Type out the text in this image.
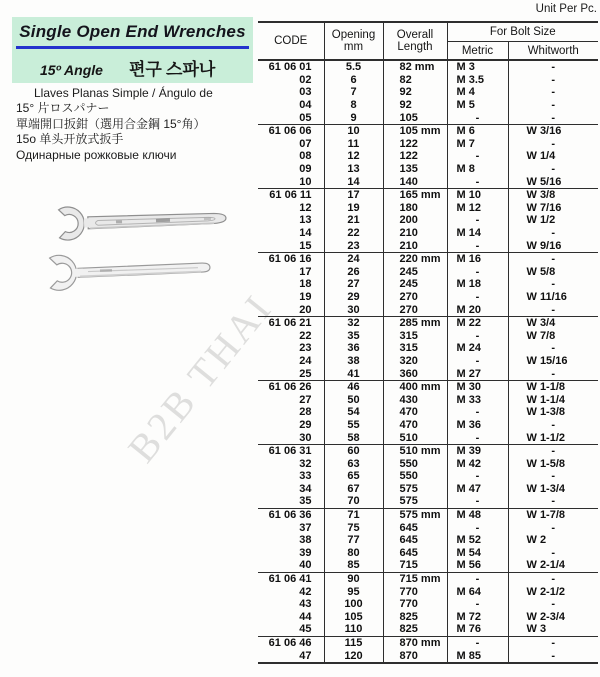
Single Open End Wrenches
15º Angle 편구 스파나
Llaves Planas Simple / Ángulo de
15° 片ロスパナー
單端開口扳鉗（選用合金鋼 15°角）
15o 单头开放式扳手
Одинарные рожковые ключи
B2B THAI
Unit Per Pc.
CODE	Opening
mm

Overall
Length
	For Bolt Size
			Metric	Whitworth
61 06 01	5.5	82 mm	M 3	-
02	6	82	M 3.5	-
03	7	92	M 4	-
04	8	92	M 5	-
05	9	105	-	-
61 06 06	10	105 mm	M 6	W 3/16
07	11	122	M 7	-
08	12	122	-	W 1/4
09	13	135	M 8	-
10	14	140	-	W 5/16
61 06 11	17	165 mm	M 10	W 3/8
12	19	180	M 12	W 7/16
13	21	200	-	W 1/2
14	22	210	M 14	-
15	23	210	-	W 9/16
61 06 16	24	220 mm	M 16	-
17	26	245	-	W 5/8
18	27	245	M 18	-
19	29	270	-	W 11/16
20	30	270	M 20	-
61 06 21	32	285 mm	M 22	W 3/4
22	35	315	-	W 7/8
23	36	315	M 24	-
24	38	320	-	W 15/16
25	41	360	M 27	-
61 06 26	46	400 mm	M 30	W 1-1/8
27	50	430	M 33	W 1-1/4
28	54	470	-	W 1-3/8
29	55	470	M 36	-
30	58	510	-	W 1-1/2
61 06 31	60	510 mm	M 39	-
32	63	550	M 42	W 1-5/8
33	65	550	-	-
34	67	575	M 47	W 1-3/4
35	70	575	-	-
61 06 36	71	575 mm	M 48	W 1-7/8
37	75	645	-	-
38	77	645	M 52	W 2
39	80	645	M 54	-
40	85	715	M 56	W 2-1/4
61 06 41	90	715 mm	-	-
42	95	770	M 64	W 2-1/2
43	100	770	-	-
44	105	825	M 72	W 2-3/4
45	110	825	M 76	W 3
61 06 46	115	870 mm	-	-
47	120	870	M 85	-
